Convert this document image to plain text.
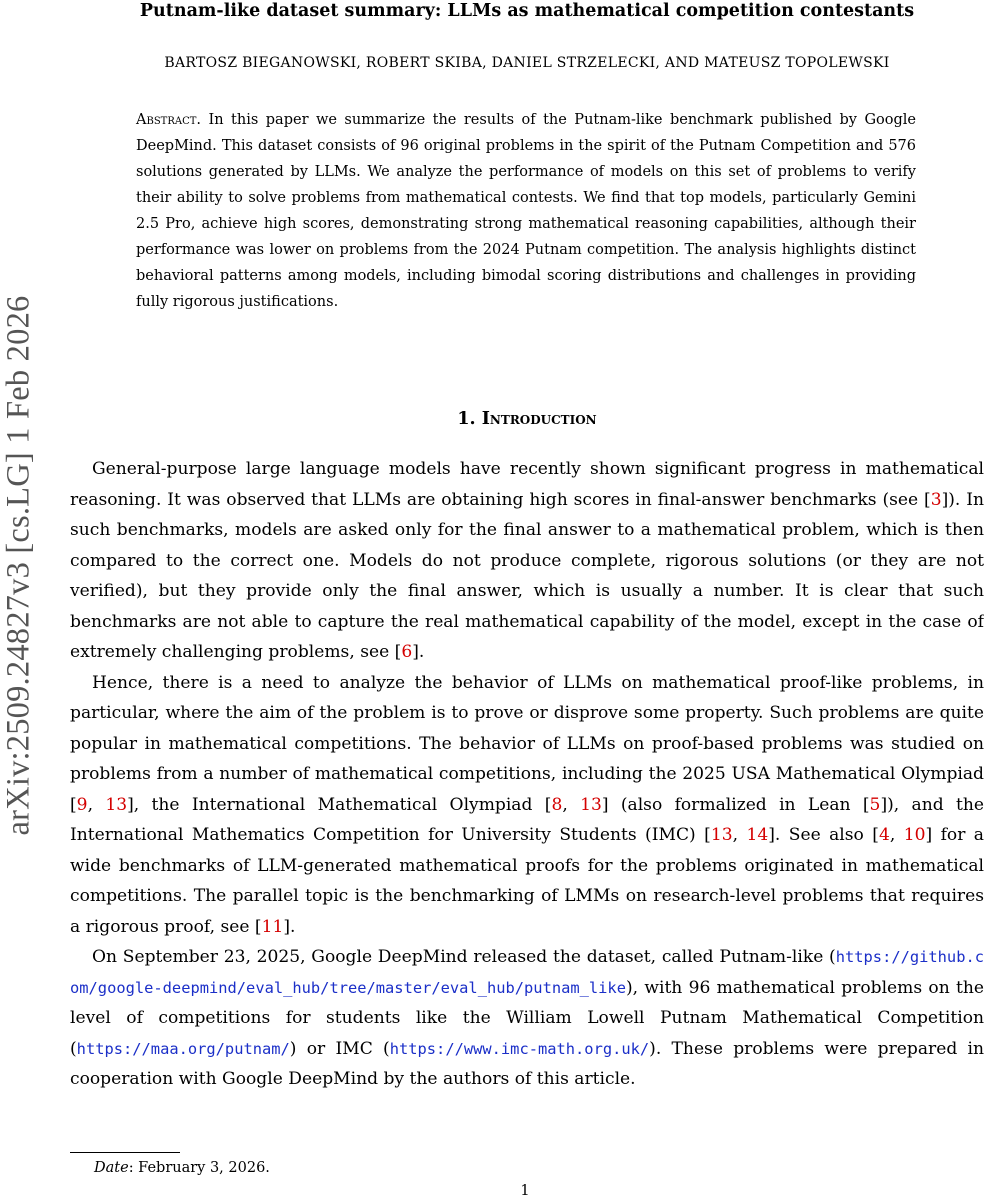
arXiv:2509.24827v3 [cs.LG] 1 Feb 2026
Putnam-like dataset summary: LLMs as mathematical competition contestants
BARTOSZ BIEGANOWSKI, ROBERT SKIBA, DANIEL STRZELECKI, AND MATEUSZ TOPOLEWSKI

Abstract. In this paper we summarize the results of the Putnam-like benchmark published by Google DeepMind. This dataset consists of 96 original problems in the spirit of the Putnam Competition and 576 solutions generated by LLMs. We analyze the performance of models on this set of problems to verify their ability to solve problems from mathematical contests. We find that top models, particularly Gemini 2.5 Pro, achieve high scores, demonstrating strong mathematical reasoning capabilities, although their performance was lower on problems from the 2024 Putnam competition. The analysis highlights distinct behavioral patterns among models, including bimodal scoring distributions and challenges in providing fully rigorous justifications.

1. Introduction

General-purpose large language models have recently shown significant progress in mathematical reasoning. It was observed that LLMs are obtaining high scores in final-answer benchmarks (see [3]). In such benchmarks, models are asked only for the final answer to a mathematical problem, which is then compared to the correct one. Models do not produce complete, rigorous solutions (or they are not verified), but they provide only the final answer, which is usually a number. It is clear that such benchmarks are not able to capture the real mathematical capability of the model, except in the case of extremely challenging problems, see [6].

Hence, there is a need to analyze the behavior of LLMs on mathematical proof-like problems, in particular, where the aim of the problem is to prove or disprove some property. Such problems are quite popular in mathematical competitions. The behavior of LLMs on proof-based problems was studied on problems from a number of mathematical competitions, including the 2025 USA Mathematical Olympiad [9, 13], the International Mathematical Olympiad [8, 13] (also formalized in Lean [5]), and the International Mathematics Competition for University Students (IMC) [13, 14]. See also [4, 10] for a wide benchmarks of LLM-generated mathematical proofs for the problems originated in mathematical competitions. The parallel topic is the benchmarking of LMMs on research-level problems that requires a rigorous proof, see [11].

On September 23, 2025, Google DeepMind released the dataset, called Putnam-like (https://github.com/google-deepmind/eval_hub/tree/master/eval_hub/putnam_like), with 96 mathematical problems on the level of competitions for students like the William Lowell Putnam Mathematical Competition (https://maa.org/putnam/) or IMC (https://www.imc-math.org.uk/). These problems were prepared in cooperation with Google DeepMind by the authors of this article.

Date: February 3, 2026.
1
